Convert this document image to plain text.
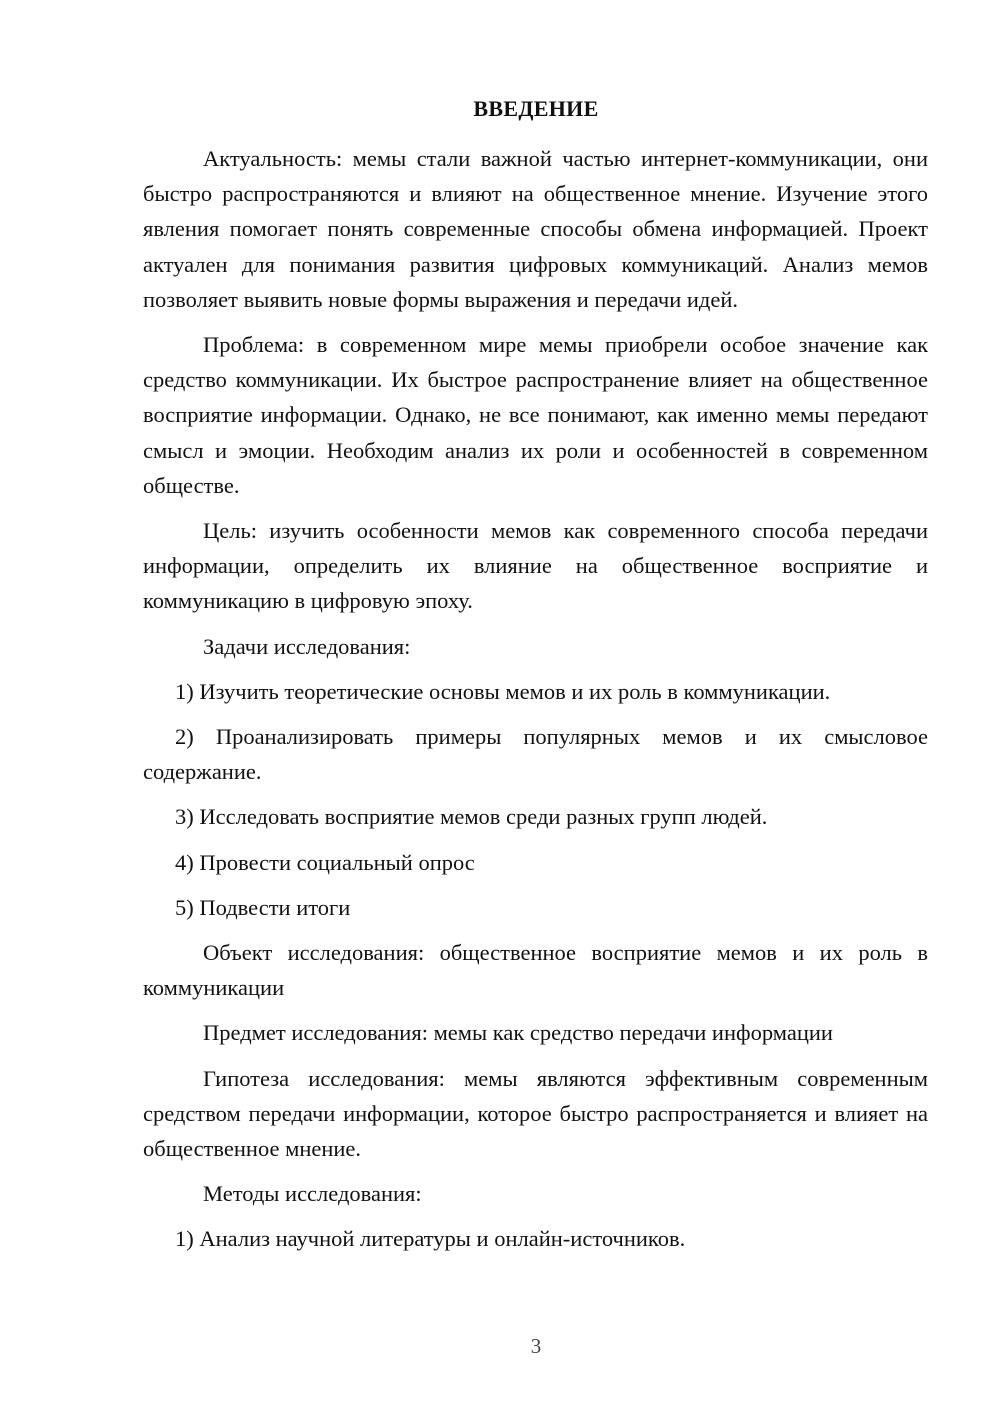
ВВЕДЕНИЕ

Актуальность: мемы стали важной частью интернет-коммуникации, они быстро распространяются и влияют на общественное мнение. Изучение этого явления помогает понять современные способы обмена информацией. Проект актуален для понимания развития цифровых коммуникаций. Анализ мемов позволяет выявить новые формы выражения и передачи идей.

Проблема: в современном мире мемы приобрели особое значение как средство коммуникации. Их быстрое распространение влияет на общественное восприятие информации. Однако, не все понимают, как именно мемы передают смысл и эмоции. Необходим анализ их роли и особенностей в современном обществе.

Цель: изучить особенности мемов как современного способа передачи информации, определить их влияние на общественное восприятие и коммуникацию в цифровую эпоху.

Задачи исследования:

1) Изучить теоретические основы мемов и их роль в коммуникации.

2) Проанализировать примеры популярных мемов и их смысловое содержание.

3) Исследовать восприятие мемов среди разных групп людей.

4) Провести социальный опрос

5) Подвести итоги

Объект исследования: общественное восприятие мемов и их роль в коммуникации

Предмет исследования: мемы как средство передачи информации

Гипотеза исследования: мемы являются эффективным современным средством передачи информации, которое быстро распространяется и влияет на общественное мнение.

Методы исследования:

1) Анализ научной литературы и онлайн-источников.

3
